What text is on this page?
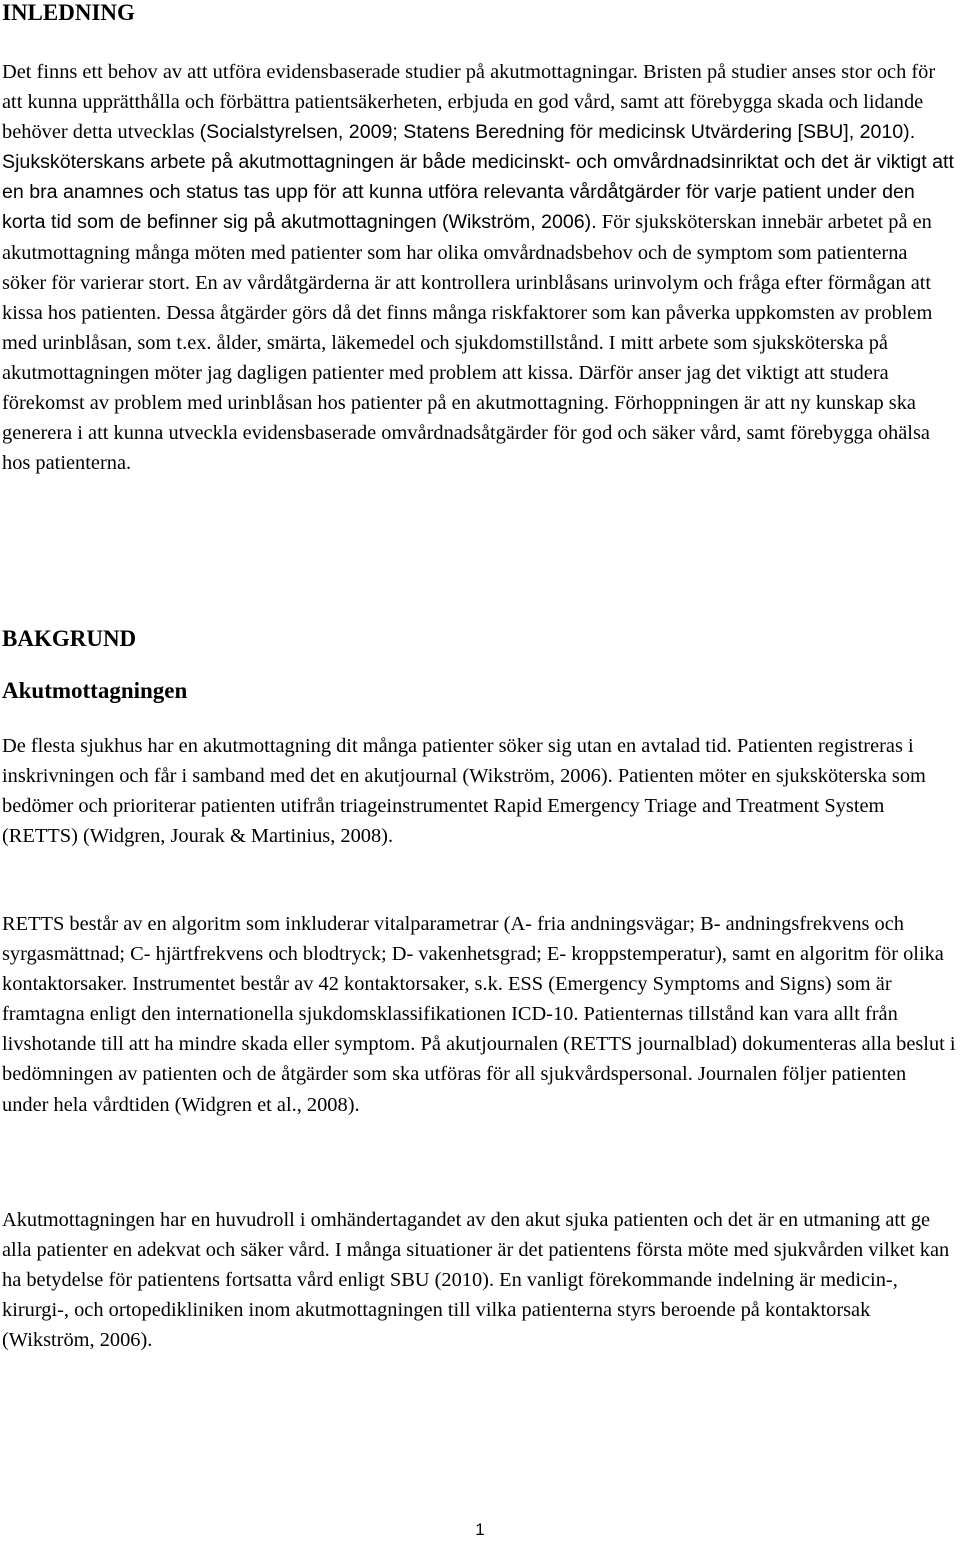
INLEDNING

Det finns ett behov av att utföra evidensbaserade studier på akutmottagningar. Bristen på studier anses stor och för att kunna upprätthålla och förbättra patientsäkerheten, erbjuda en god vård, samt att förebygga skada och lidande behöver detta utvecklas (Socialstyrelsen, 2009; Statens Beredning för medicinsk Utvärdering [SBU], 2010). Sjuksköterskans arbete på akutmottagningen är både medicinskt- och omvårdnadsinriktat och det är viktigt att en bra anamnes och status tas upp för att kunna utföra relevanta vårdåtgärder för varje patient under den korta tid som de befinner sig på akutmottagningen (Wikström, 2006). För sjuksköterskan innebär arbetet på en akutmottagning många möten med patienter som har olika omvårdnadsbehov och de symptom som patienterna söker för varierar stort. En av vårdåtgärderna är att kontrollera urinblåsans urinvolym och fråga efter förmågan att kissa hos patienten. Dessa åtgärder görs då det finns många riskfaktorer som kan påverka uppkomsten av problem med urinblåsan, som t.ex. ålder, smärta, läkemedel och sjukdomstillstånd. I mitt arbete som sjuksköterska på akutmottagningen möter jag dagligen patienter med problem att kissa. Därför anser jag det viktigt att studera förekomst av problem med urinblåsan hos patienter på en akutmottagning. Förhoppningen är att ny kunskap ska generera i att kunna utveckla evidensbaserade omvårdnadsåtgärder för god och säker vård, samt förebygga ohälsa hos patienterna.

BAKGRUND
Akutmottagningen

De flesta sjukhus har en akutmottagning dit många patienter söker sig utan en avtalad tid. Patienten registreras i inskrivningen och får i samband med det en akutjournal (Wikström, 2006). Patienten möter en sjuksköterska som bedömer och prioriterar patienten utifrån triageinstrumentet Rapid Emergency Triage and Treatment System (RETTS) (Widgren, Jourak & Martinius, 2008).

RETTS består av en algoritm som inkluderar vitalparametrar (A- fria andningsvägar; B- andningsfrekvens och syrgasmättnad; C- hjärtfrekvens och blodtryck; D- vakenhetsgrad; E- kroppstemperatur), samt en algoritm för olika kontaktorsaker. Instrumentet består av 42 kontaktorsaker, s.k. ESS (Emergency Symptoms and Signs) som är framtagna enligt den internationella sjukdomsklassifikationen ICD-10. Patienternas tillstånd kan vara allt från livshotande till att ha mindre skada eller symptom. På akutjournalen (RETTS journalblad) dokumenteras alla beslut i bedömningen av patienten och de åtgärder som ska utföras för all sjukvårdspersonal. Journalen följer patienten under hela vårdtiden (Widgren et al., 2008).

Akutmottagningen har en huvudroll i omhändertagandet av den akut sjuka patienten och det är en utmaning att ge alla patienter en adekvat och säker vård. I många situationer är det patientens första möte med sjukvården vilket kan ha betydelse för patientens fortsatta vård enligt SBU (2010). En vanligt förekommande indelning är medicin-, kirurgi-, och ortopedikliniken inom akutmottagningen till vilka patienterna styrs beroende på kontaktorsak (Wikström, 2006).

1
